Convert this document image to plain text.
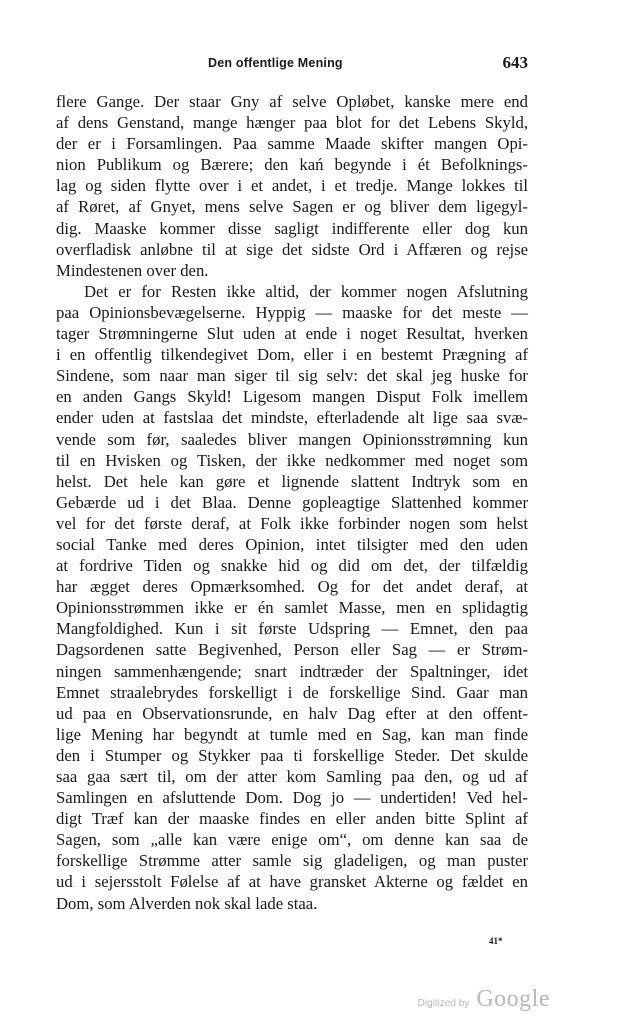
Den offentlige Mening	643
flere Gange. Der staar Gny af selve Opløbet, kanske mere end
af dens Genstand, mange hænger paa blot for det Lebens Skyld,
der er i Forsamlingen. Paa samme Maade skifter mangen Opi-
nion Publikum og Bærere; den kań begynde i ét Befolknings-
lag og siden flytte over i et andet, i et tredje. Mange lokkes til
af Røret, af Gnyet, mens selve Sagen er og bliver dem ligegyl-
dig. Maaske kommer disse sagligt indifferente eller dog kun
overfladisk anløbne til at sige det sidste Ord i Affæren og rejse
Mindestenen over den.
Det er for Resten ikke altid, der kommer nogen Afslutning
paa Opinionsbevægelserne. Hyppig — maaske for det meste —
tager Strømningerne Slut uden at ende i noget Resultat, hverken
i en offentlig tilkendegivet Dom, eller i en bestemt Prægning af
Sindene, som naar man siger til sig selv: det skal jeg huske for
en anden Gangs Skyld! Ligesom mangen Disput Folk imellem
ender uden at fastslaa det mindste, efterladende alt lige saa svæ-
vende som før, saaledes bliver mangen Opinionsstrømning kun
til en Hvisken og Tisken, der ikke nedkommer med noget som
helst. Det hele kan gøre et lignende slattent Indtryk som en
Gebærde ud i det Blaa. Denne gopleagtige Slattenhed kommer
vel for det første deraf, at Folk ikke forbinder nogen som helst
social Tanke med deres Opinion, intet tilsigter med den uden
at fordrive Tiden og snakke hid og did om det, der tilfældig
har ægget deres Opmærksomhed. Og for det andet deraf, at
Opinionsstrømmen ikke er én samlet Masse, men en splidagtig
Mangfoldighed. Kun i sit første Udspring — Emnet, den paa
Dagsordenen satte Begivenhed, Person eller Sag — er Strøm-
ningen sammenhængende; snart indtræder der Spaltninger, idet
Emnet straalebrydes forskelligt i de forskellige Sind. Gaar man
ud paa en Observationsrunde, en halv Dag efter at den offent-
lige Mening har begyndt at tumle med en Sag, kan man finde
den i Stumper og Stykker paa ti forskellige Steder. Det skulde
saa gaa sært til, om der atter kom Samling paa den, og ud af
Samlingen en afsluttende Dom. Dog jo — undertiden! Ved hel-
digt Træf kan der maaske findes en eller anden bitte Splint af
Sagen, som „alle kan være enige om“, om denne kan saa de
forskellige Strømme atter samle sig gladeligen, og man puster
ud i sejersstolt Følelse af at have gransket Akterne og fældet en
Dom, som Alverden nok skal lade staa.
41*
Digitized by Google
